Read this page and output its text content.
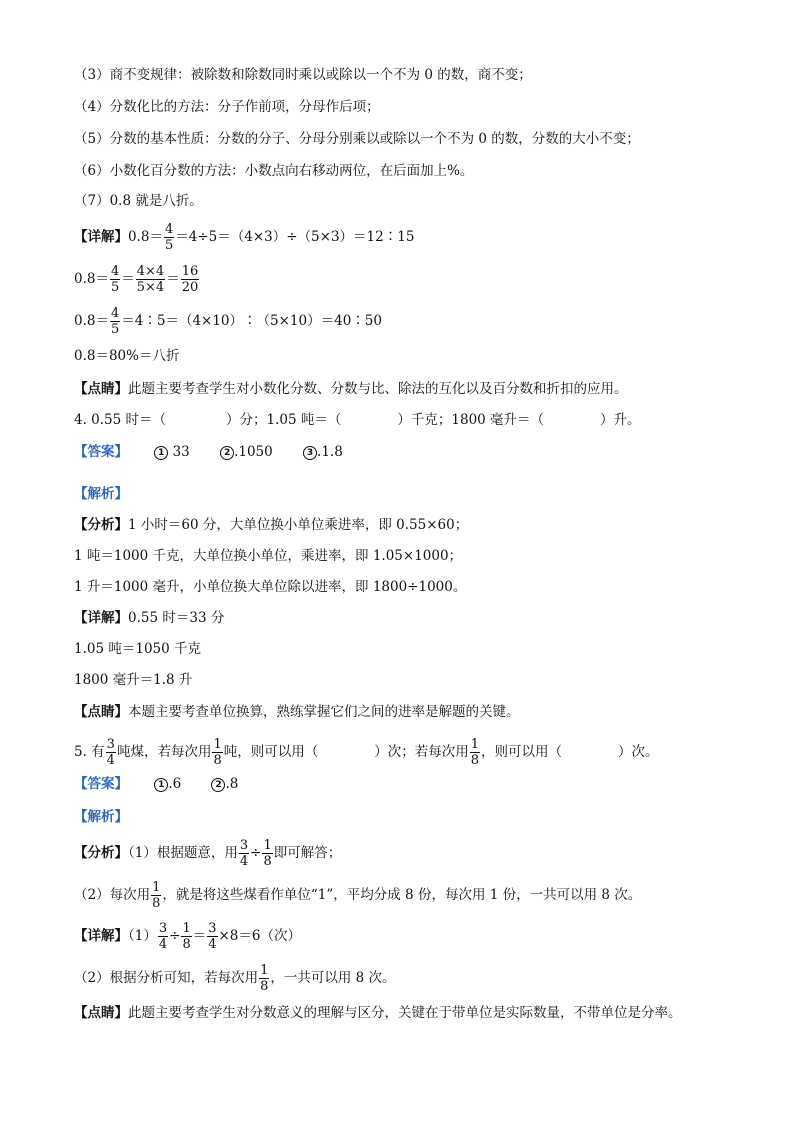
（3）商不变规律：被除数和除数同时乘以或除以一个不为 0 的数，商不变；
（4）分数化比的方法：分子作前项，分母作后项；
（5）分数的基本性质：分数的分子、分母分别乘以或除以一个不为 0 的数，分数的大小不变；
（6）小数化百分数的方法：小数点向右移动两位，在后面加上%。
（7）0.8 就是八折。
【详解】$0.8= \frac{4}{5}$ ＝4÷5＝（4×3）÷（5×3）＝12∶15
$0.8= \frac{4}{5} = \frac{4\times 4}{5\times 4} = \frac{16}{20}$
$0.8= \frac{4}{5}$ ＝4∶5＝（4×10）∶（5×10）＝40∶50
0.8＝80%＝八折
【点睛】此题主要考查学生对小数化分数、分数与比、除法的互化以及百分数和折扣的应用。
4. 0.55 时＝（	）分；1.05 吨＝（	）千克；1800 毫升＝（	）升。
【答案】	1 33	2 .1050	3 .1.8
【解析】
【分析】1 小时＝60 分，大单位换小单位乘进率，即 0.55×60；
1 吨＝1000 千克，大单位换小单位，乘进率，即 1.05×1000；
1 升＝1000 毫升，小单位换大单位除以进率，即 1800÷1000。
【详解】0.55 时＝33 分
1.05 吨＝1050 千克
1800 毫升＝1.8 升
【点睛】本题主要考查单位换算，熟练掌握它们之间的进率是解题的关键。
5. 有 $\frac{3}{4}$ 吨煤，若每次用 $\frac{1}{8}$ 吨，则可以用（	）次；若每次用 $\frac{1}{8}$ ，则可以用（	）次。
【答案】	1 .6	2 .8
【解析】
【分析】（1）根据题意，用 $\frac{3}{4} \div \frac{1}{8}$ 即可解答；
（2）每次用 $\frac{1}{8}$ ，就是将这些煤看作单位“1”，平均分成 8 份，每次用 1 份，一共可以用 8 次。
【详解】$(1) \frac{3}{4} \div \frac{1}{8} = \frac{3}{4} \times 8=6$（次）
（2）根据分析可知，若每次用 $\frac{1}{8}$ ，一共可以用 8 次。
【点睛】此题主要考查学生对分数意义的理解与区分，关键在于带单位是实际数量，不带单位是分率。
